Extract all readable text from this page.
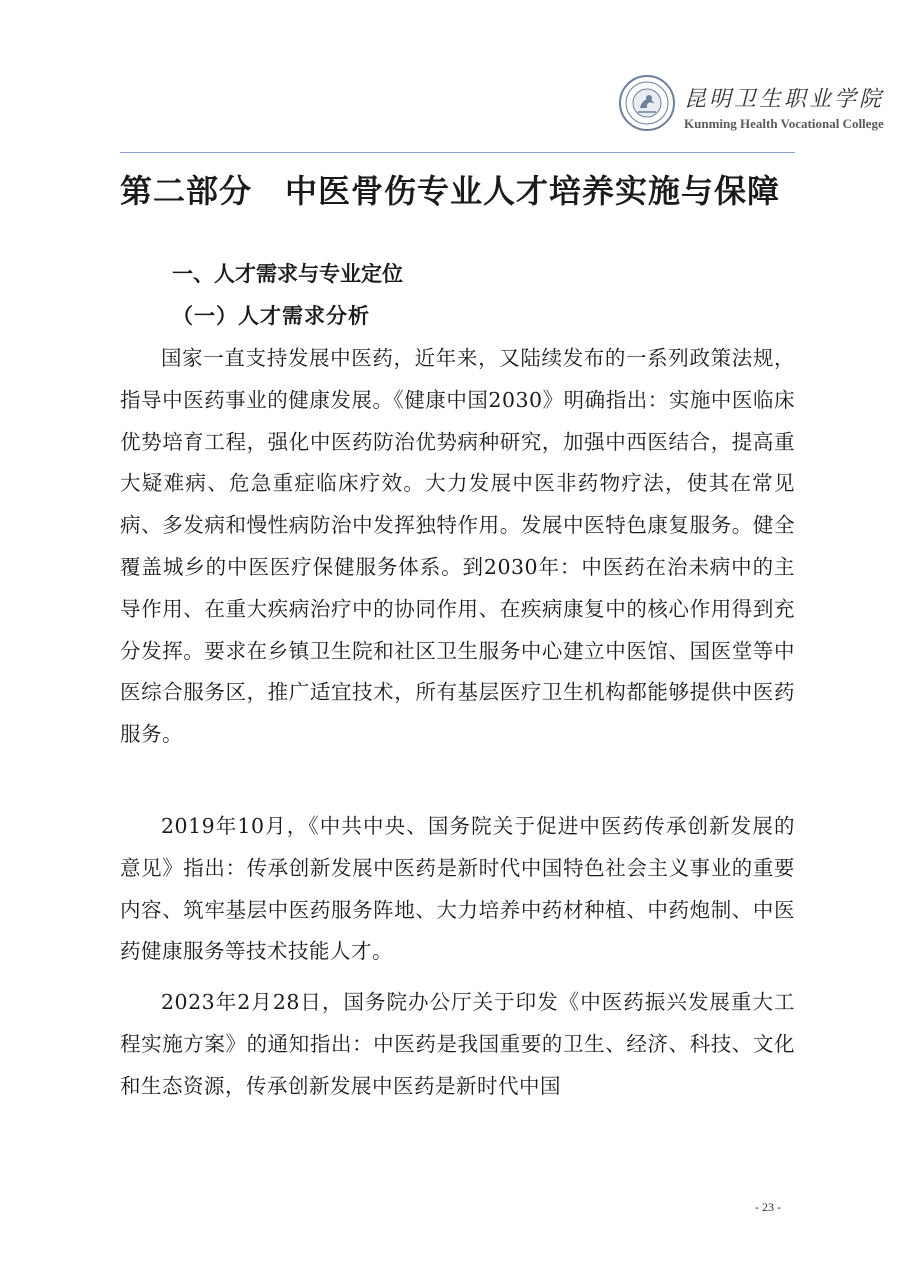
昆明卫生职业学院
Kunming Health Vocational College
第二部分　中医骨伤专业人才培养实施与保障
一、人才需求与专业定位
（一）人才需求分析

国家一直支持发展中医药，近年来，又陆续发布的一系列政策法规，指导中医药事业的健康发展。《健康中国2030》明确指出：实施中医临床优势培育工程，强化中医药防治优势病种研究，加强中西医结合，提高重大疑难病、危急重症临床疗效。大力发展中医非药物疗法，使其在常见病、多发病和慢性病防治中发挥独特作用。发展中医特色康复服务。健全覆盖城乡的中医医疗保健服务体系。到2030年：中医药在治未病中的主导作用、在重大疾病治疗中的协同作用、在疾病康复中的核心作用得到充分发挥。要求在乡镇卫生院和社区卫生服务中心建立中医馆、国医堂等中医综合服务区，推广适宜技术，所有基层医疗卫生机构都能够提供中医药服务。

2019年10月，《中共中央、国务院关于促进中医药传承创新发展的意见》指出：传承创新发展中医药是新时代中国特色社会主义事业的重要内容、筑牢基层中医药服务阵地、大力培养中药材种植、中药炮制、中医药健康服务等技术技能人才。

2023年2月28日，国务院办公厅关于印发《中医药振兴发展重大工程实施方案》的通知指出：中医药是我国重要的卫生、经济、科技、文化和生态资源，传承创新发展中医药是新时代中国

- 23 -
